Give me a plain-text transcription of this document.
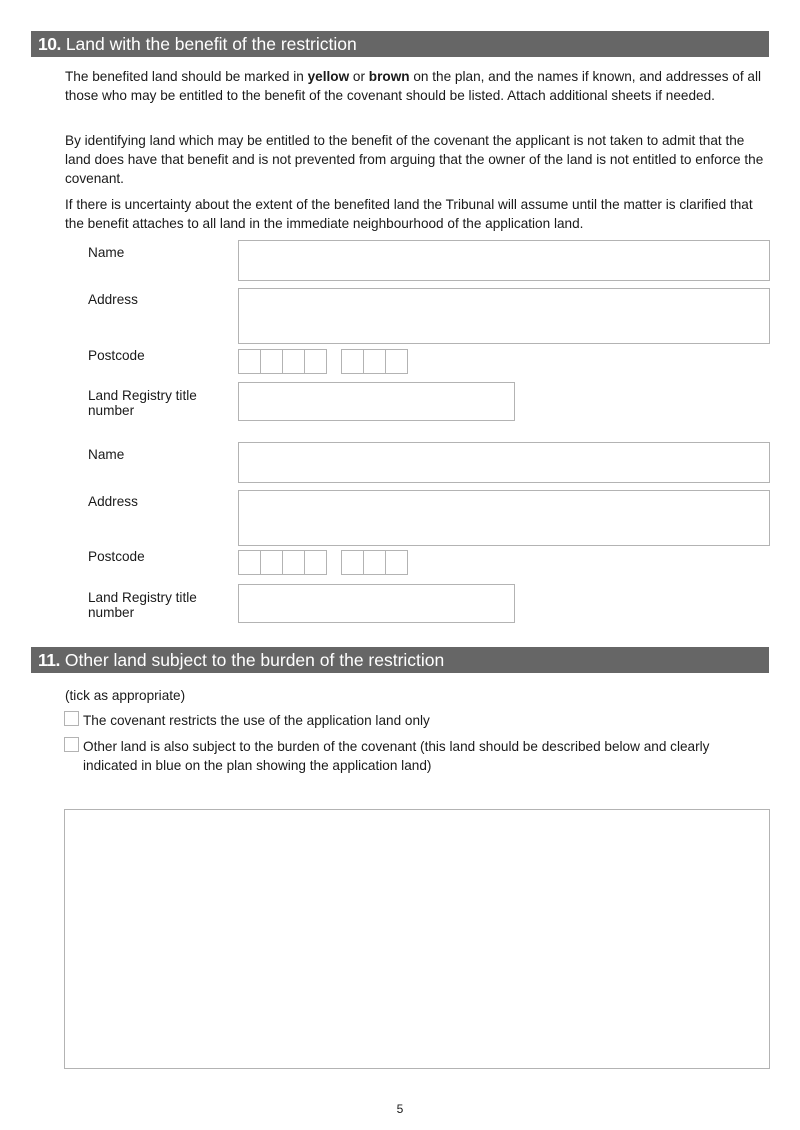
10. Land with the benefit of the restriction
The benefited land should be marked in yellow or brown on the plan, and the names if known, and addresses of all those who may be entitled to the benefit of the covenant should be listed. Attach additional sheets if needed.
By identifying land which may be entitled to the benefit of the covenant the applicant is not taken to admit that the land does have that benefit and is not prevented from arguing that the owner of the land is not entitled to enforce the covenant.
If there is uncertainty about the extent of the benefited land the Tribunal will assume until the matter is clarified that the benefit attaches to all land in the immediate neighbourhood of the application land.
Name
Address
Postcode
Land Registry title number
Name
Address
Postcode
Land Registry title number
11. Other land subject to the burden of the restriction
(tick as appropriate)
The covenant restricts the use of the application land only
Other land is also subject to the burden of the covenant (this land should be described below and clearly indicated in blue on the plan showing the application land)
5
